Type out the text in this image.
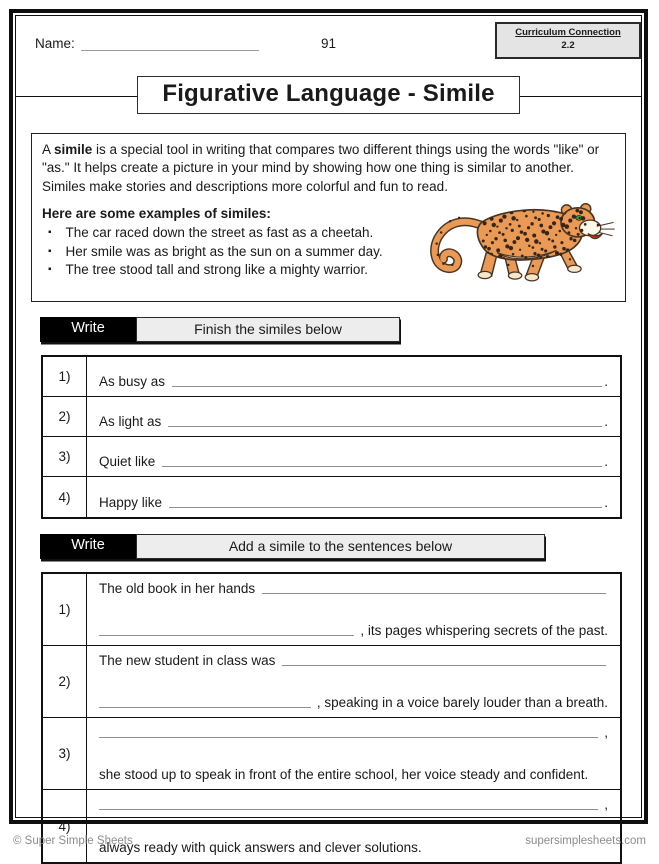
Name:	91
Curriculum Connection
2.2
Figurative Language - Simile
A simile is a special tool in writing that compares two different things using the words "like" or "as." It helps create a picture in your mind by showing how one thing is similar to another. Similes make stories and descriptions more colorful and fun to read.
Here are some examples of similes:
▪ The car raced down the street as fast as a cheetah.
▪ Her smile was as bright as the sun on a summer day.
▪ The tree stood tall and strong like a mighty warrior.
Write	Finish the similes below
1)	As busy as	.
2)	As light as	.
3)	Quiet like	.
4)	Happy like	.
Write	Add a simile to the sentences below
1)
The old book in her hands
, its pages whispering secrets of the past.
2)
The new student in class was
, speaking in a voice barely louder than a breath.
3)
,
she stood up to speak in front of the entire school, her voice steady and confident.
4)
,
always ready with quick answers and clever solutions.
© Super Simple Sheets	supersimplesheets.com
